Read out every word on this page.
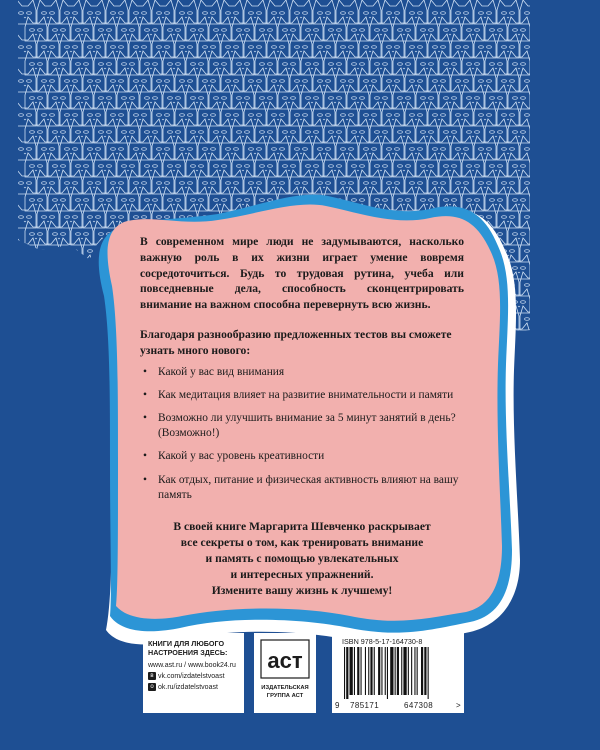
В современном мире люди не задумываются, насколько важную роль в их жизни играет умение вовремя сосредоточиться. Будь то трудовая рутина, учеба или повседневные дела, способность сконцентрировать внимание на важном способна перевернуть всю жизнь.

Благодаря разнообразию предложенных тестов вы сможете узнать много нового:

• Какой у вас вид внимания
• Как медитация влияет на развитие внимательности и памяти
• Возможно ли улучшить внимание за 5 минут занятий в день? (Возможно!)
• Какой у вас уровень креативности
• Как отдых, питание и физическая активность влияют на вашу память

В своей книге Маргарита Шевченко раскрывает
все секреты о том, как тренировать внимание
и память с помощью увлекательных
и интересных упражнений.
Измените вашу жизнь к лучшему!

КНИГИ ДЛЯ ЛЮБОГО НАСТРОЕНИЯ ЗДЕСЬ:
www.ast.ru / www.book24.ru
в vk.com/izdatelstvoast
о ok.ru/izdatelstvoast
аст
ИЗДАТЕЛЬСКАЯ
ГРУППА АСТ
ISBN 978-5-17-164730-8
9 785171	647308	>
